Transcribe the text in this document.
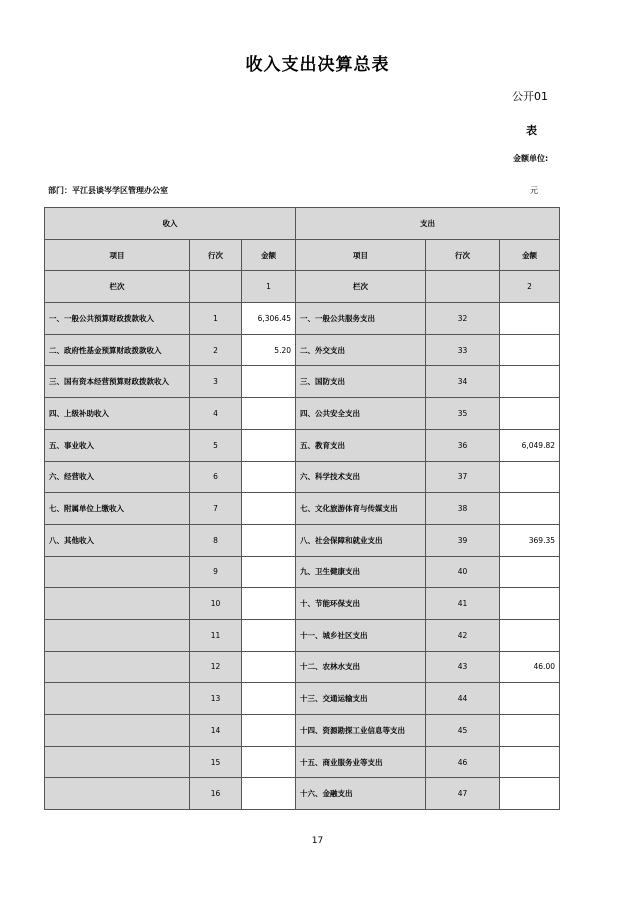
收入支出决算总表
公开01
表
金额单位:
部门：平江县谈岑学区管理办公室	元
收入			支出		
项目	行次	金额	项目	行次	金额
栏次		1	栏次		2
一、一般公共预算财政拨款收入	1	6,306.45	一、一般公共服务支出	32	
二、政府性基金预算财政拨款收入	2	5.20	二、外交支出	33	
三、国有资本经营预算财政拨款收入	3		三、国防支出	34	
四、上级补助收入	4		四、公共安全支出	35	
五、事业收入	5		五、教育支出	36	6,049.82
六、经营收入	6		六、科学技术支出	37	
七、附属单位上缴收入	7		七、文化旅游体育与传媒支出	38	
八、其他收入	8		八、社会保障和就业支出	39	369.35
	9		九、卫生健康支出	40	
	10		十、节能环保支出	41	
	11		十一、城乡社区支出	42	
	12		十二、农林水支出	43	46.00
	13		十三、交通运输支出	44	
	14		十四、资源勘探工业信息等支出	45	
	15		十五、商业服务业等支出	46	
	16		十六、金融支出	47	
17
